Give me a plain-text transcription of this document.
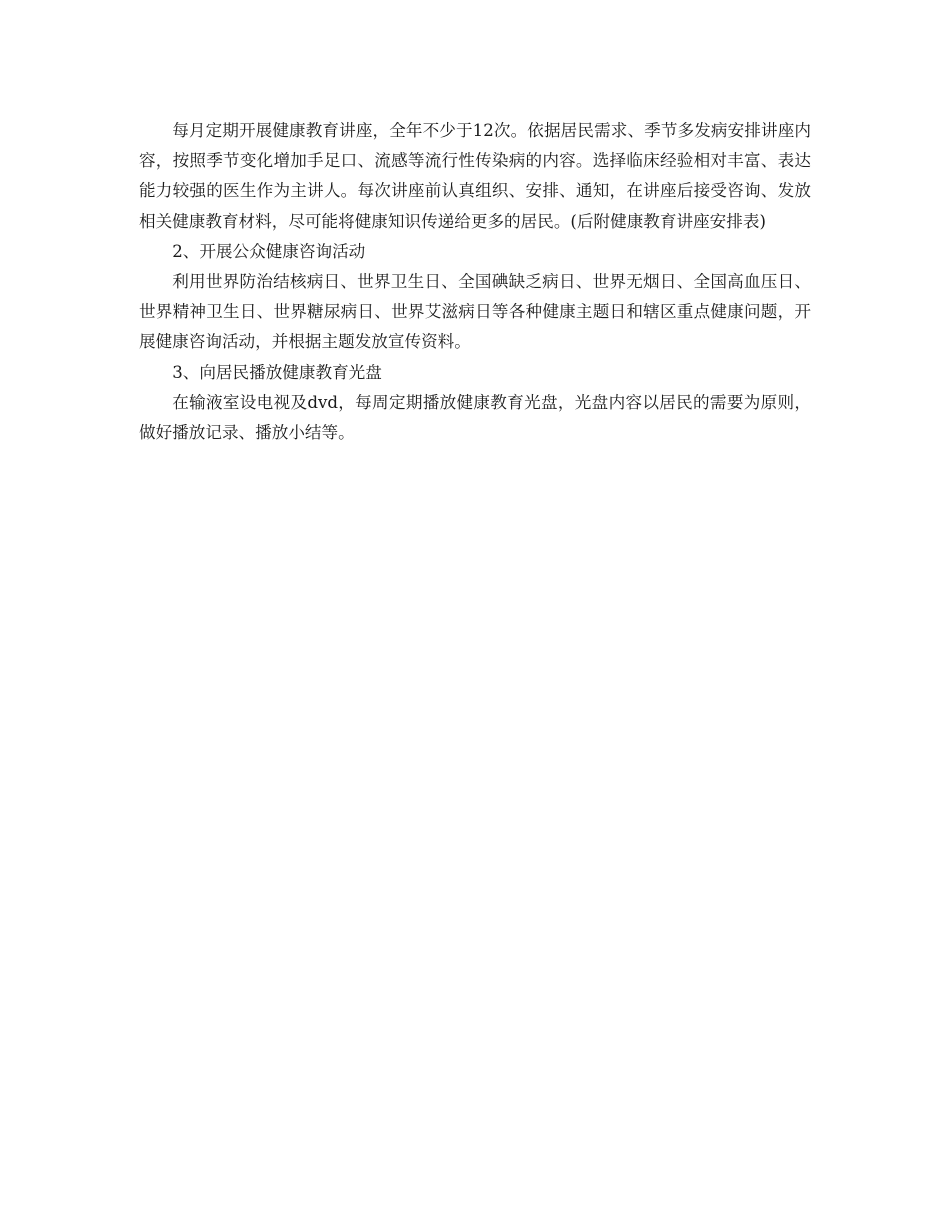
每月定期开展健康教育讲座，全年不少于12次。依据居民需求、季节多发病安排讲座内容，按照季节变化增加手足口、流感等流行性传染病的内容。选择临床经验相对丰富、表达能力较强的医生作为主讲人。每次讲座前认真组织、安排、通知，在讲座后接受咨询、发放相关健康教育材料，尽可能将健康知识传递给更多的居民。(后附健康教育讲座安排表)

2、开展公众健康咨询活动

利用世界防治结核病日、世界卫生日、全国碘缺乏病日、世界无烟日、全国高血压日、世界精神卫生日、世界糖尿病日、世界艾滋病日等各种健康主题日和辖区重点健康问题，开展健康咨询活动，并根据主题发放宣传资料。

3、向居民播放健康教育光盘

在输液室设电视及dvd，每周定期播放健康教育光盘，光盘内容以居民的需要为原则，做好播放记录、播放小结等。
